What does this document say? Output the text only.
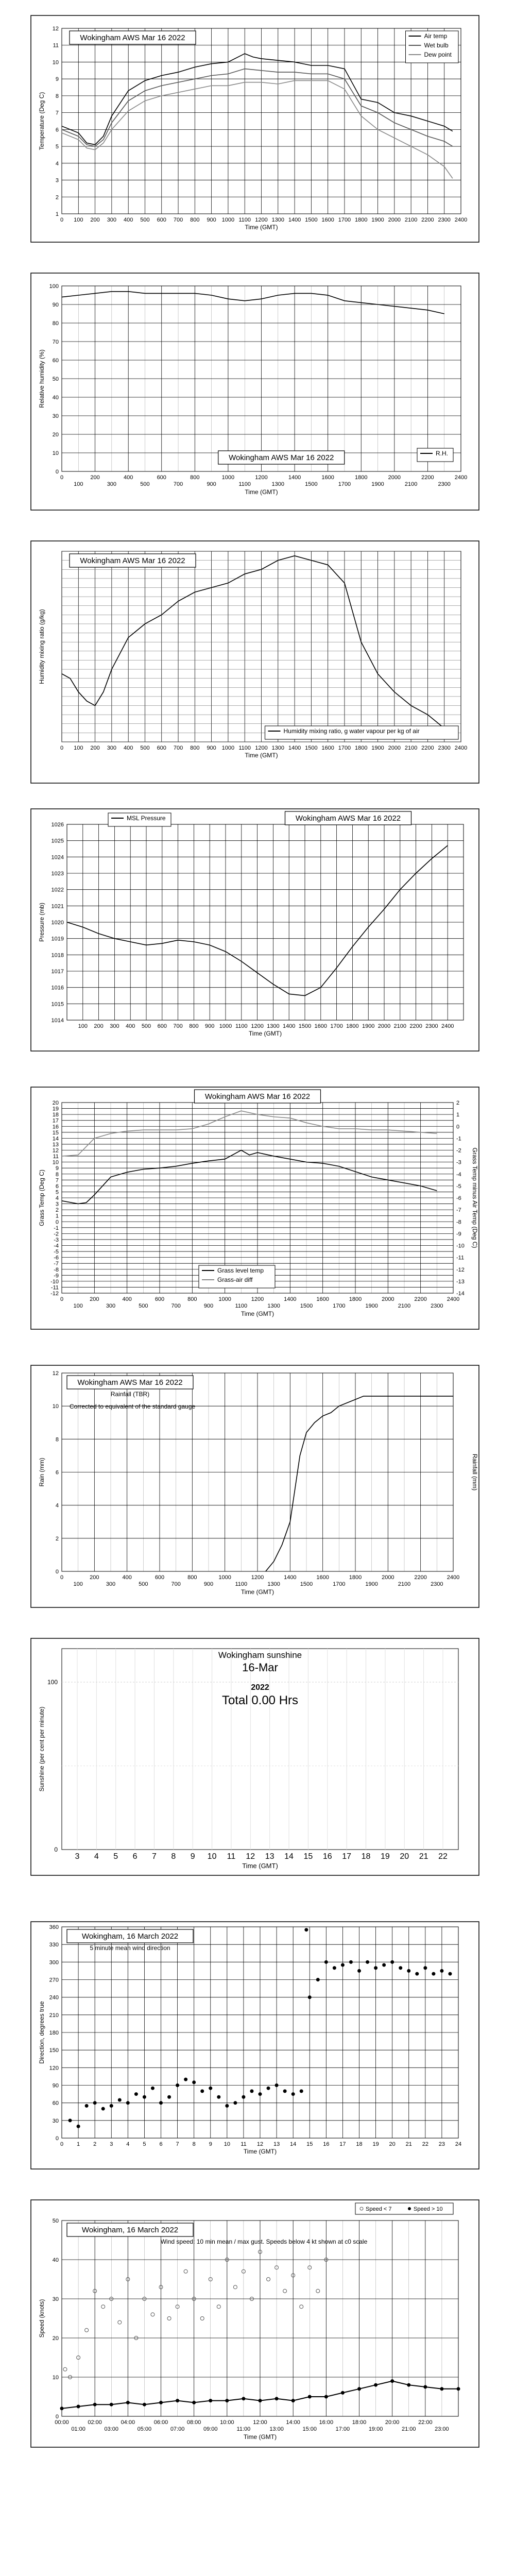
0 100 200 300 400 500 600 700 800 900 1000 1100 1200 1300 1400 1500 1600 1700 1800 1900 2000 2100 2200 2300 2400
1
2
3
4
5
6
7
8
9
10
11
12
Time (GMT)
Temperature (Deg C)
Wokingham AWS Mar 16 2022	Air temp
Wet bulb
Dew point
0	200	400	600	800	1000	1200	1400	1600	1800	2000	2200	2400
100	300	500	700	900	1100	1300	1500	1700	1900	2100	2300
0
10
20
30
40
50
60
70
80
90
100
Time (GMT)
Relative humidity (%)
Wokingham AWS Mar 16 2022	R.H.
0 100 200 300 400 500 600 700 800 900 1000 1100 1200 1300 1400 1500 1600 1700 1800 1900 2000 2100 2200 2300 2400
Time (GMT)
Humidity mixing ratio (g/kg)
Wokingham AWS Mar 16 2022
Humidity mixing ratio, g water vapour per kg of air
100 200 300 400 500 600 700 800 900 1000 1100 1200 1300 1400 1500 1600 1700 1800 1900 2000 2100 2200 2300 2400
1014
1015
1016
1017
1018
1019
1020
1021
1022
1023
1024
1025
1026
Time (GMT)
Pressure (mb)
Wokingham AWS Mar 16 2022
MSL Pressure
0	200	400	600	800	1000	1200	1400	1600	1800	2000	2200	2400
100	300	500	700	900	1100	1300	1500	1700	1900	2100	2300
-12
-11
-10
-9
-8
-7
-6
-5
-4
-3
-2
-1
0
1
2
3
4
5
6
7
8
9
10
11
12
13
14
15
16
17
18
19
20
-14
-13
-12
-11
-10
-9
-8
-7
-6
-5
-4
-3
-2
-1
0
1
2
Time (GMT)
Grass Temp (Deg C)	Grass Temp minus Air Temp (Deg C)
Wokingham AWS Mar 16 2022
Grass level temp
Grass-air diff
0	200	400	600	800	1000	1200	1400	1600	1800	2000	2200	2400
100	300	500	700	900	1100	1300	1500	1700	1900	2100	2300
0
2
4
6
8
10
12
Time (GMT)
Rain (mm)	Rainfall (mm)
Wokingham AWS Mar 16 2022
Rainfall (TBR)
Corrected to equivalent of the standard gauge
3 4 5 6 7 8 9 10 11 12 13 14 15 16 17 18 19 20 21 22
0
100
Time (GMT)
Sunshine (per cent per minute)
Wokingham sunshine
16-Mar
2022
Total 0.00 Hrs
0 1 2 3 4 5 6 7 8 9 10 11 12 13 14 15 16 17 18 19 20 21 22 23 24
0
30
60
90
120
150
180
210
240
270
300
330
360
Time (GMT)
Direction, degrees true
Wokingham, 16 March 2022
5 minute mean wind direction
00:00	02:00	04:00	06:00	08:00	10:00	12:00	14:00	16:00	18:00	20:00	22:00
01:00	03:00	05:00	07:00	09:00	11:00	13:00	15:00	17:00	19:00	21:00	23:00
0
10
20
30
40
50
Time (GMT)
Speed (knots)
Wokingham, 16 March 2022
Wind speed: 10 min mean / max gust. Speeds below 4 kt shown at c0 scale
Speed < 7	Speed > 10
